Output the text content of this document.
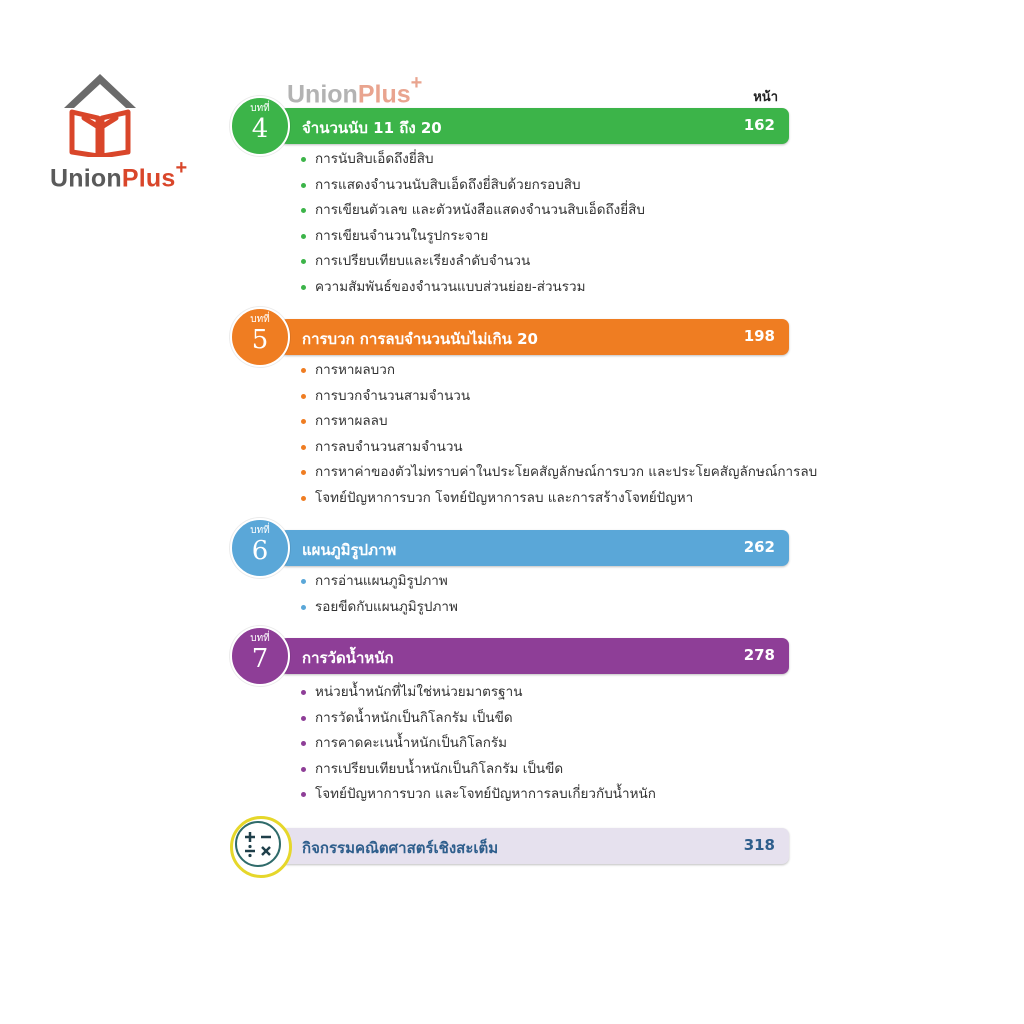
UnionPlus+
UnionPlus+
หน้า
จำนวนนับ 11 ถึง 20	162
บทที่
4
การนับสิบเอ็ดถึงยี่สิบ
การแสดงจำนวนนับสิบเอ็ดถึงยี่สิบด้วยกรอบสิบ
การเขียนตัวเลข และตัวหนังสือแสดงจำนวนสิบเอ็ดถึงยี่สิบ
การเขียนจำนวนในรูปกระจาย
การเปรียบเทียบและเรียงลำดับจำนวน
ความสัมพันธ์ของจำนวนแบบส่วนย่อย-ส่วนรวม
การบวก การลบจำนวนนับไม่เกิน 20	198
บทที่
5
การหาผลบวก
การบวกจำนวนสามจำนวน
การหาผลลบ
การลบจำนวนสามจำนวน
การหาค่าของตัวไม่ทราบค่าในประโยคสัญลักษณ์การบวก และประโยคสัญลักษณ์การลบ
โจทย์ปัญหาการบวก โจทย์ปัญหาการลบ และการสร้างโจทย์ปัญหา
แผนภูมิรูปภาพ	262
บทที่
6
การอ่านแผนภูมิรูปภาพ
รอยขีดกับแผนภูมิรูปภาพ
การวัดน้ำหนัก	278
บทที่
7
หน่วยน้ำหนักที่ไม่ใช่หน่วยมาตรฐาน
การวัดน้ำหนักเป็นกิโลกรัม เป็นขีด
การคาดคะเนน้ำหนักเป็นกิโลกรัม
การเปรียบเทียบน้ำหนักเป็นกิโลกรัม เป็นขีด
โจทย์ปัญหาการบวก และโจทย์ปัญหาการลบเกี่ยวกับน้ำหนัก
กิจกรรมคณิตศาสตร์เชิงสะเต็ม	318
